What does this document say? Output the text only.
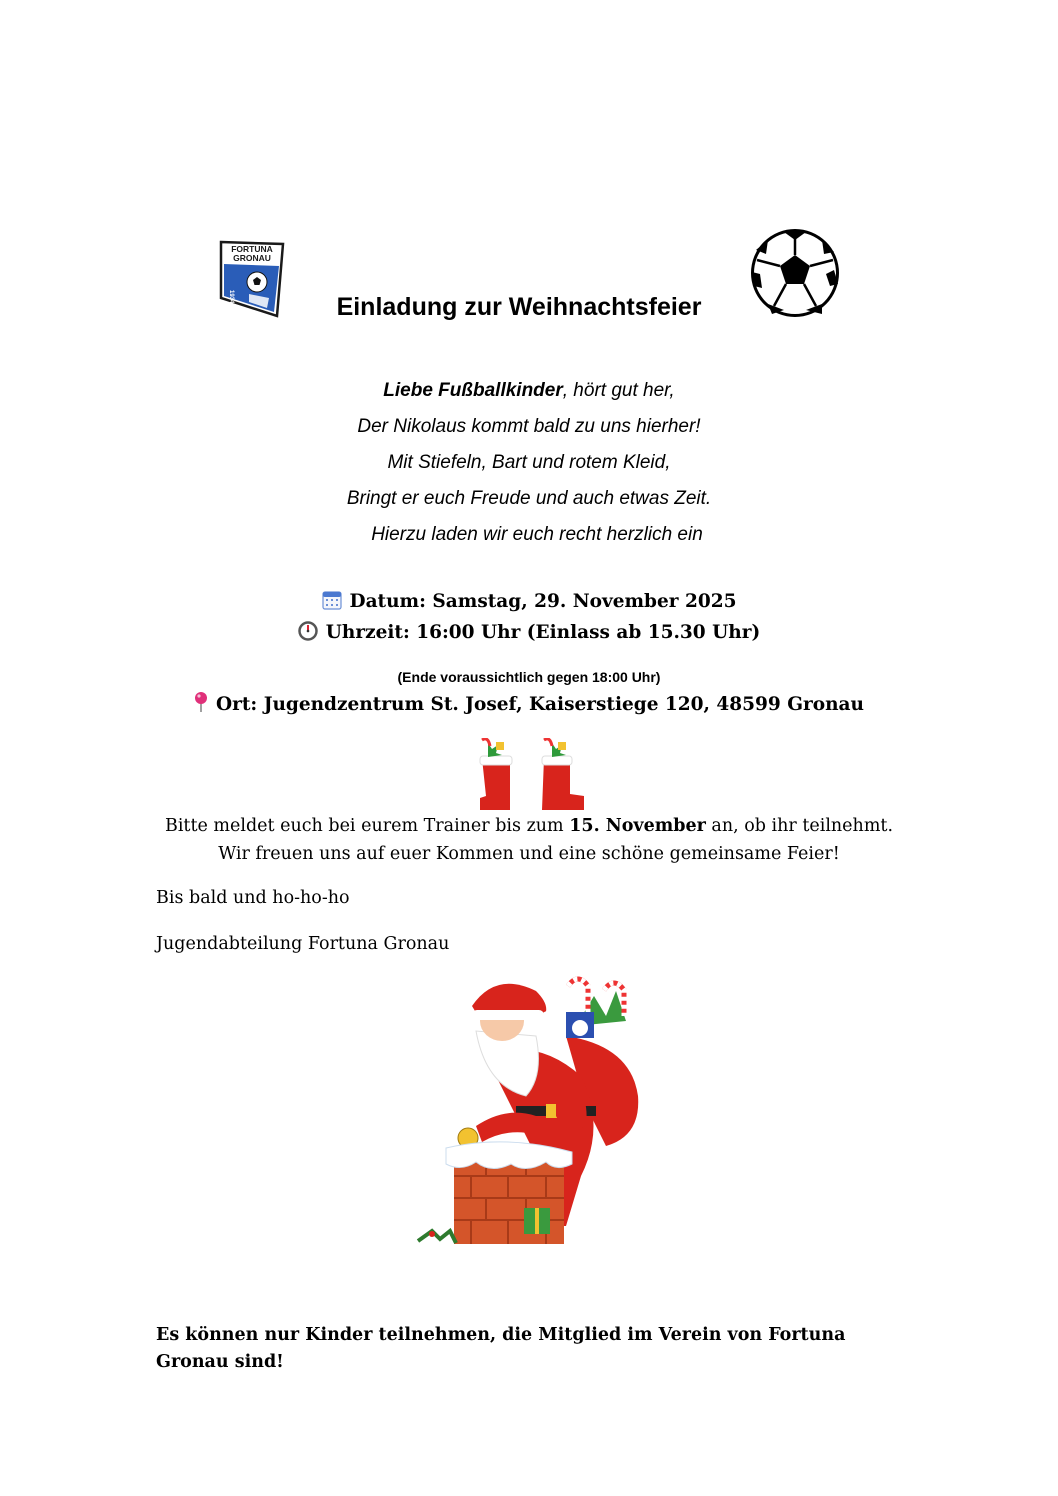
FORTUNA
GRONAU
1934	Einladung zur Weihnachtsfeier
Liebe Fußballkinder, hört gut her,
Der Nikolaus kommt bald zu uns hierher!
Mit Stiefeln, Bart und rotem Kleid,
Bringt er euch Freude und auch etwas Zeit.
Hierzu laden wir euch recht herzlich ein
Datum: Samstag, 29. November 2025
Uhrzeit: 16:00 Uhr (Einlass ab 15.30 Uhr)
(Ende voraussichtlich gegen 18:00 Uhr)
Ort: Jugendzentrum St. Josef, Kaiserstiege 120, 48599 Gronau
Bitte meldet euch bei eurem Trainer bis zum 15. November an, ob ihr teilnehmt.
Wir freuen uns auf euer Kommen und eine schöne gemeinsame Feier!
Bis bald und ho-ho-ho
Jugendabteilung Fortuna Gronau
Es können nur Kinder teilnehmen, die Mitglied im Verein von Fortuna Gronau sind!
